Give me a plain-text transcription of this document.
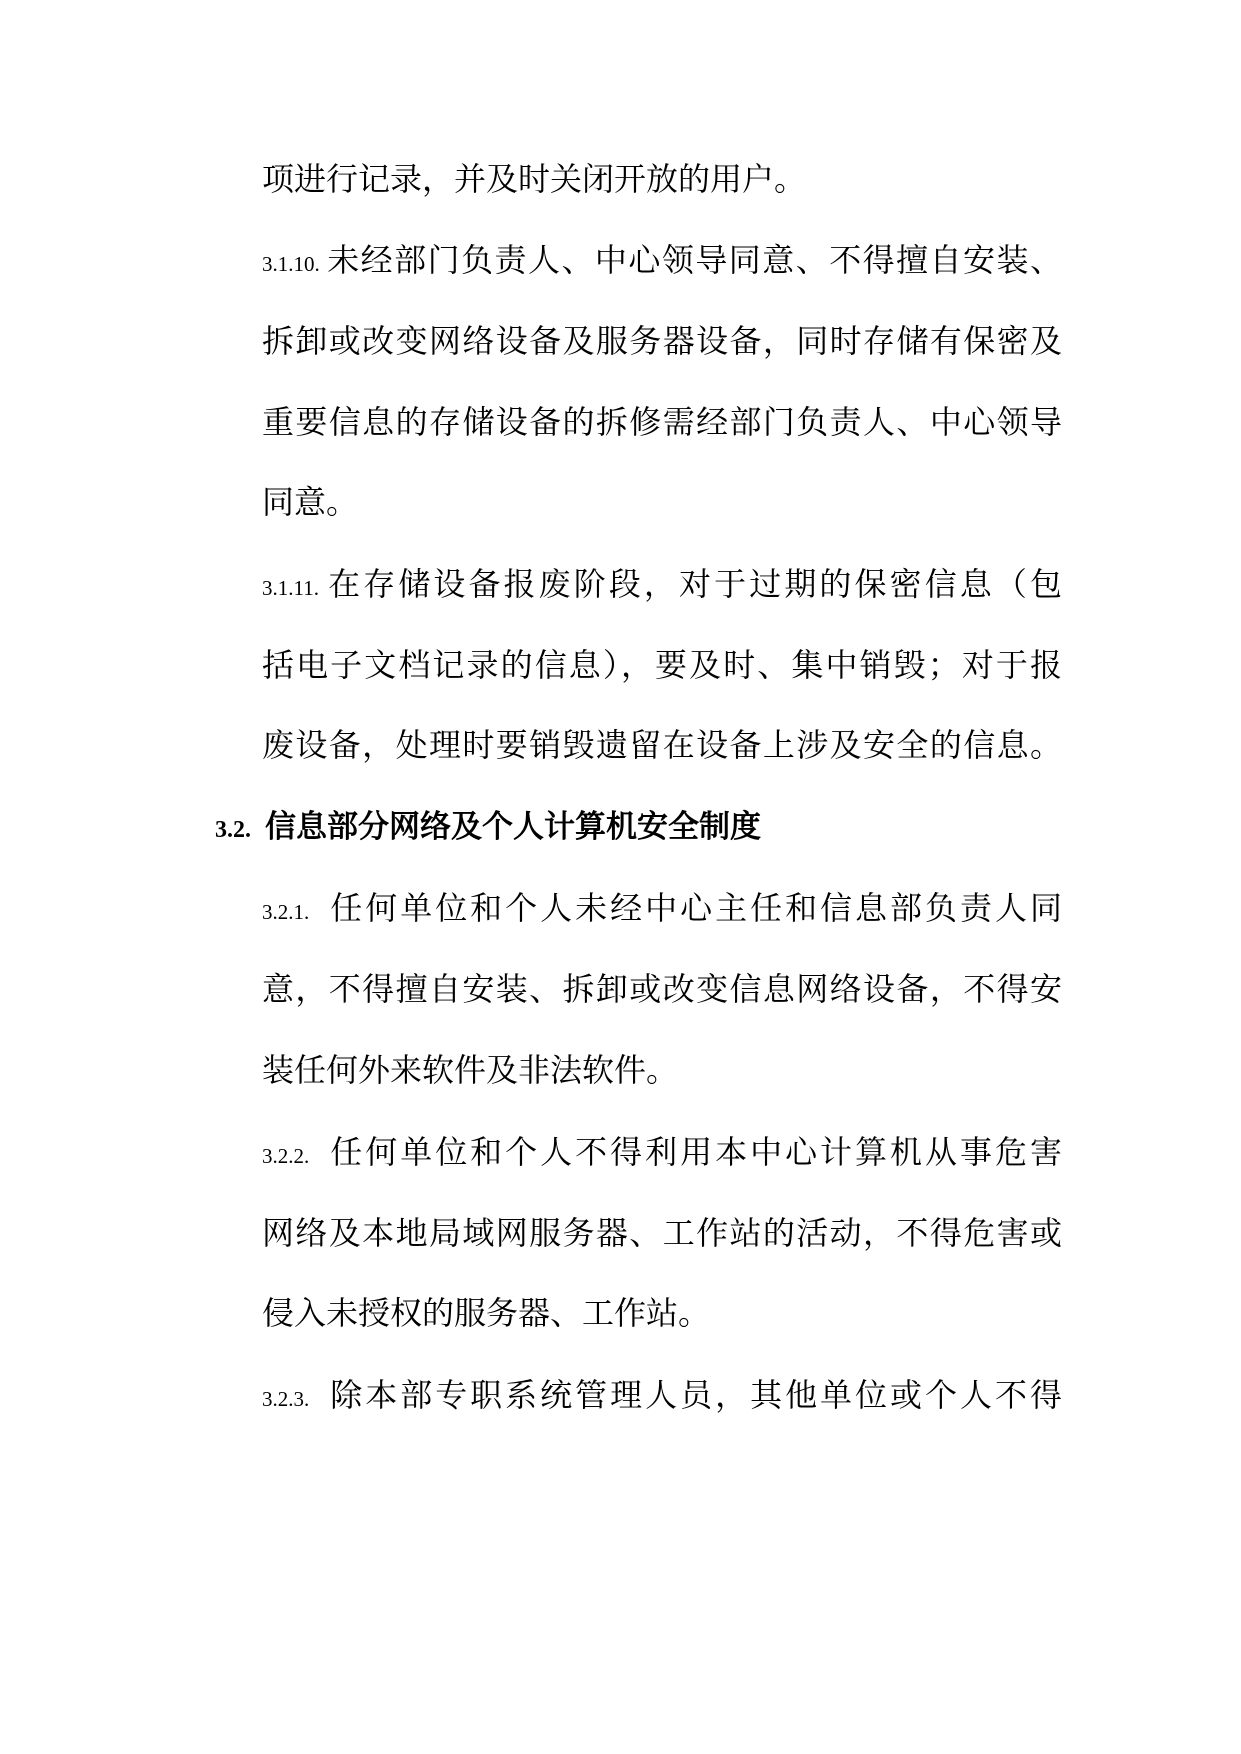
项进行记录，并及时关闭开放的用户。
3.1.10. 未经部门负责人、中心领导同意、不得擅自安装、
拆卸或改变网络设备及服务器设备，同时存储有保密及
重要信息的存储设备的拆修需经部门负责人、中心领导
同意。
3.1.11. 在存储设备报废阶段，对于过期的保密信息（包
括电子文档记录的信息），要及时、集中销毁；对于报
废设备，处理时要销毁遗留在设备上涉及安全的信息。
3.2. 信息部分网络及个人计算机安全制度
3.2.1. 任何单位和个人未经中心主任和信息部负责人同
意，不得擅自安装、拆卸或改变信息网络设备，不得安
装任何外来软件及非法软件。
3.2.2. 任何单位和个人不得利用本中心计算机从事危害
网络及本地局域网服务器、工作站的活动，不得危害或
侵入未授权的服务器、工作站。
3.2.3. 除本部专职系统管理人员，其他单位或个人不得
